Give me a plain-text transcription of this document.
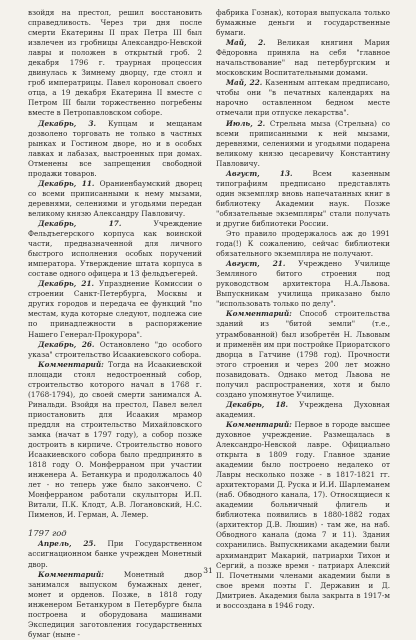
взойдя на престол, решил восстановить справедливость. Через три дня после смерти Екатерины II прах Петра III был извлечен из гробницы Александро-Невской лавры и положен в открытый гроб. 2 декабря 1796 г. траурная процессия двинулась к Зимнему дворцу, где стоял и гроб императрицы. Павел короновал своего отца, а 19 декабря Екатерина II вместе с Петром III были торжественно погребены вместе в Петропавловском соборе.

Декабрь, 3. Купцам и мещанам дозволено торговать не только в частных рынках и Гостином дворе, но и в особых лавках и лабазах, выстроенных при домах. Отменены все запрещения свободной продажи товаров.

Декабрь, 11. Ораниенбаумский дворец со всеми приписанными к нему мызами, деревнями, селениями и угодьями передан великому князю Александру Павловичу.

Декабрь, 17. Учреждение Фельдъегерского корпуса как воинской части, предназначенной для личного быстрого исполнения особых поручений императора. Утверждение штата корпуса в составе одного офицера и 13 фельдъегерей.

Декабрь, 21. Упразднение Комиссии о строении Санкт-Петербурга, Москвы и других городов и передача ее функций "по местам, куда которые следуют, подлежа сие по принадлежности в распоряжение Нашего Генерал-Прокурора".

Декабрь, 26. Остановлено "до особого указа" строительство Исаакиевского собора.

Комментарий: Тогда на Исаакиевской площади стоял недостроенный собор, строительство которого начал в 1768 г. (1768-1794), до своей смерти занимался А. Ринальди. Взойдя на престол, Павел велел приостановить для Исаакия мрамор преддля на строительство Михайловского замка (начат в 1797 году), а собор позже достроить в кирпиче. Строительство нового Исаакиевского собора было предпринято в 1818 году О. Монферраном при участии инженера А. Бетанкура и продолжалось 40 лет - но теперь уже было закончено. С Монферраном работали скульпторы И.П. Витали, П.К. Клодт, А.В. Логановский, Н.С. Пименов, И. Герман, А. Лемер.

1797 год

Апрель, 25. При Государственном ассигнационном банке учрежден Монетный двор.

Комментарий: Монетный двор занимался выпуском бумажных денег, монет и орденов. Позже, в 1818 году инженером Бетанкуром в Петербурге была построена и оборудована машинами Экспедиция заготовления государственных бумаг (ныне -

фабрика Гознак), которая выпускала только бумажные деньги и государственные бумаги.

Май, 2. Великая княгиня Мария Фёдоровна приняла на себя "главное начальствование" над петербургским и московским Воспитательными домами.

Май, 22. Казенным аптекам предписано, чтобы они "в печатных календарях на нарочно оставленном бедном месте отмечали при отпуске лекарства".

Июль, 2. Стрельна мыза (Стрельна) со всеми приписанными к ней мызами, деревнями, селениями и угодьями подарена великому князю цесаревичу Константину Павловичу.

Август, 13. Всем казенным типографиям предписано представлять один экземпляр вновь напечатанных книг в библиотеку Академии наук. Позже "обязательные экземпляры" стали получать и другие библиотеки России.

Это правило продержалось аж до 1991 года(!) К сожалению, сейчас библиотеки обязательного экземпляра не получают.

Август, 21. Учреждено Училище Земляного битого строения под руководством архитектора Н.А.Львова. Выпускникам училища приказано было "использовать только по делу".

Комментарий: Способ строительства зданий из "битой земли" (т.е., утрамбованной) был изобретён Н. Львовым и применён им при постройке Приоратского дворца в Гатчине (1798 год). Прочности этого строения и через 200 лет можно позавидовать. Однако метод Львова не получил распространения, хотя и было создано упомянутое Училище.

Декабрь, 18. Учреждена Духовная академия.

Комментарий: Первое в городе высшее духовное учреждение. Размещалась в Александро-Невской лавре. Официально открыта в 1809 году. Главное здание академии было построено недалеко от Лавры несколько позже - в 1817-1821 гг. архитекторами Д. Руска и И.И. Шарлеманем (наб. Обводного канала, 17). Относящиеся к академии больничный флигель и библиотека появились в 1880-1882 годах (архитектор Д.В. Люшин) - там же, на наб. Обводного канала (дома 7 и 11). Здания сохранились. Выпускниками академии были архимандрит Макарий, патриархи Тихон и Сергий, а позже время - патриарх Алексий II. Почетными членами академии были в свое время поэты Г. Державин и Д. Дмитриев. Академия была закрыта в 1917-м и воссоздана в 1946 году.

31
